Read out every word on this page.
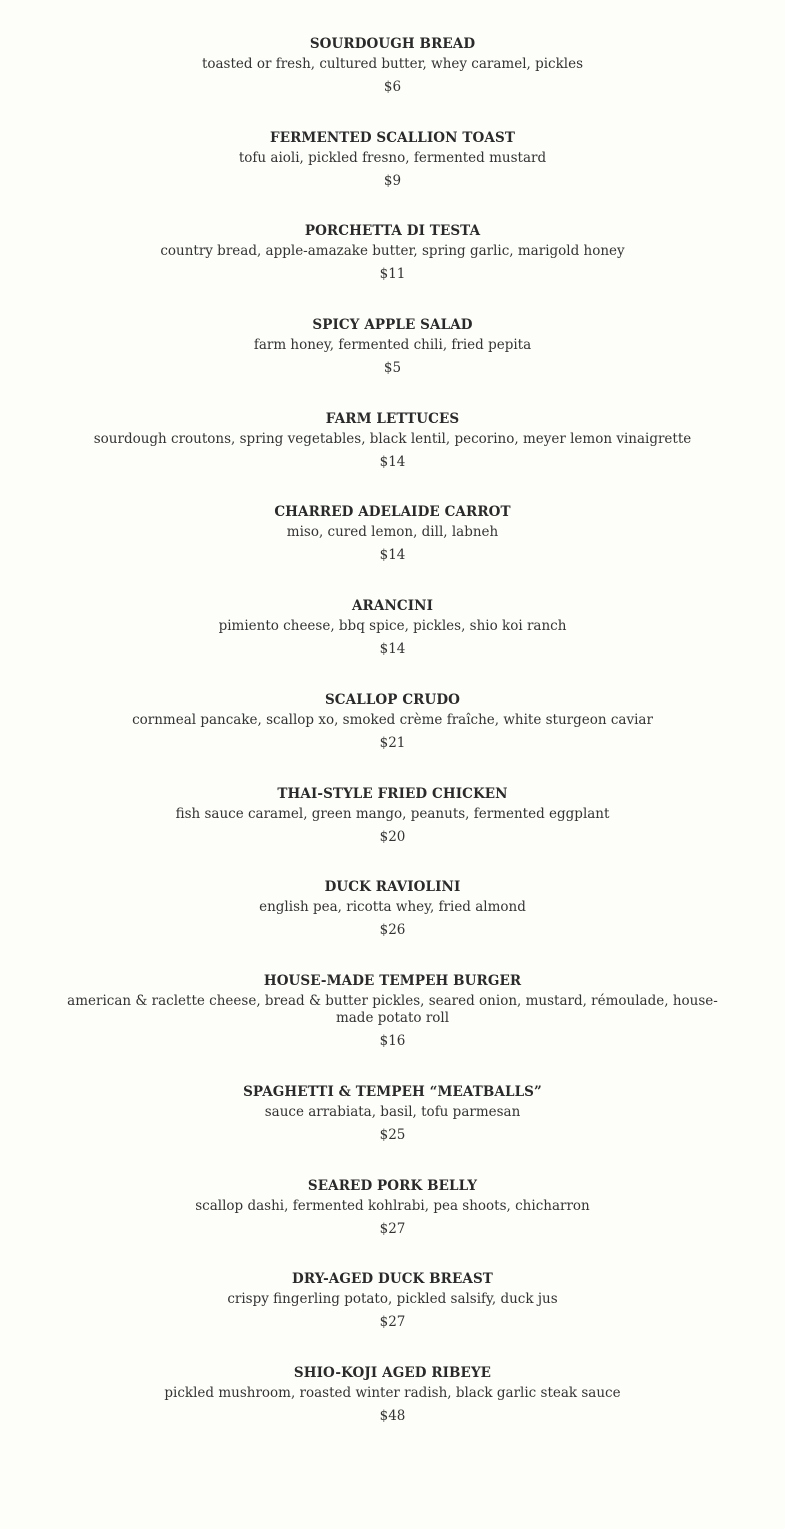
SOURDOUGH BREAD

toasted or fresh, cultured butter, whey caramel, pickles

$6

FERMENTED SCALLION TOAST

tofu aioli, pickled fresno, fermented mustard

$9

PORCHETTA DI TESTA

country bread, apple-amazake butter, spring garlic, marigold honey

$11

SPICY APPLE SALAD

farm honey, fermented chili, fried pepita

$5

FARM LETTUCES

sourdough croutons, spring vegetables, black lentil, pecorino, meyer lemon vinaigrette

$14

CHARRED ADELAIDE CARROT

miso, cured lemon, dill, labneh

$14

ARANCINI

pimiento cheese, bbq spice, pickles, shio koi ranch

$14

SCALLOP CRUDO

cornmeal pancake, scallop xo, smoked crème fraîche, white sturgeon caviar

$21

THAI-STYLE FRIED CHICKEN

fish sauce caramel, green mango, peanuts, fermented eggplant

$20

DUCK RAVIOLINI

english pea, ricotta whey, fried almond

$26

HOUSE-MADE TEMPEH BURGER

american & raclette cheese, bread & butter pickles, seared onion, mustard, rémoulade, house-made potato roll

$16

SPAGHETTI & TEMPEH “MEATBALLS”

sauce arrabiata, basil, tofu parmesan

$25

SEARED PORK BELLY

scallop dashi, fermented kohlrabi, pea shoots, chicharron

$27

DRY-AGED DUCK BREAST

crispy fingerling potato, pickled salsify, duck jus

$27

SHIO-KOJI AGED RIBEYE

pickled mushroom, roasted winter radish, black garlic steak sauce

$48
